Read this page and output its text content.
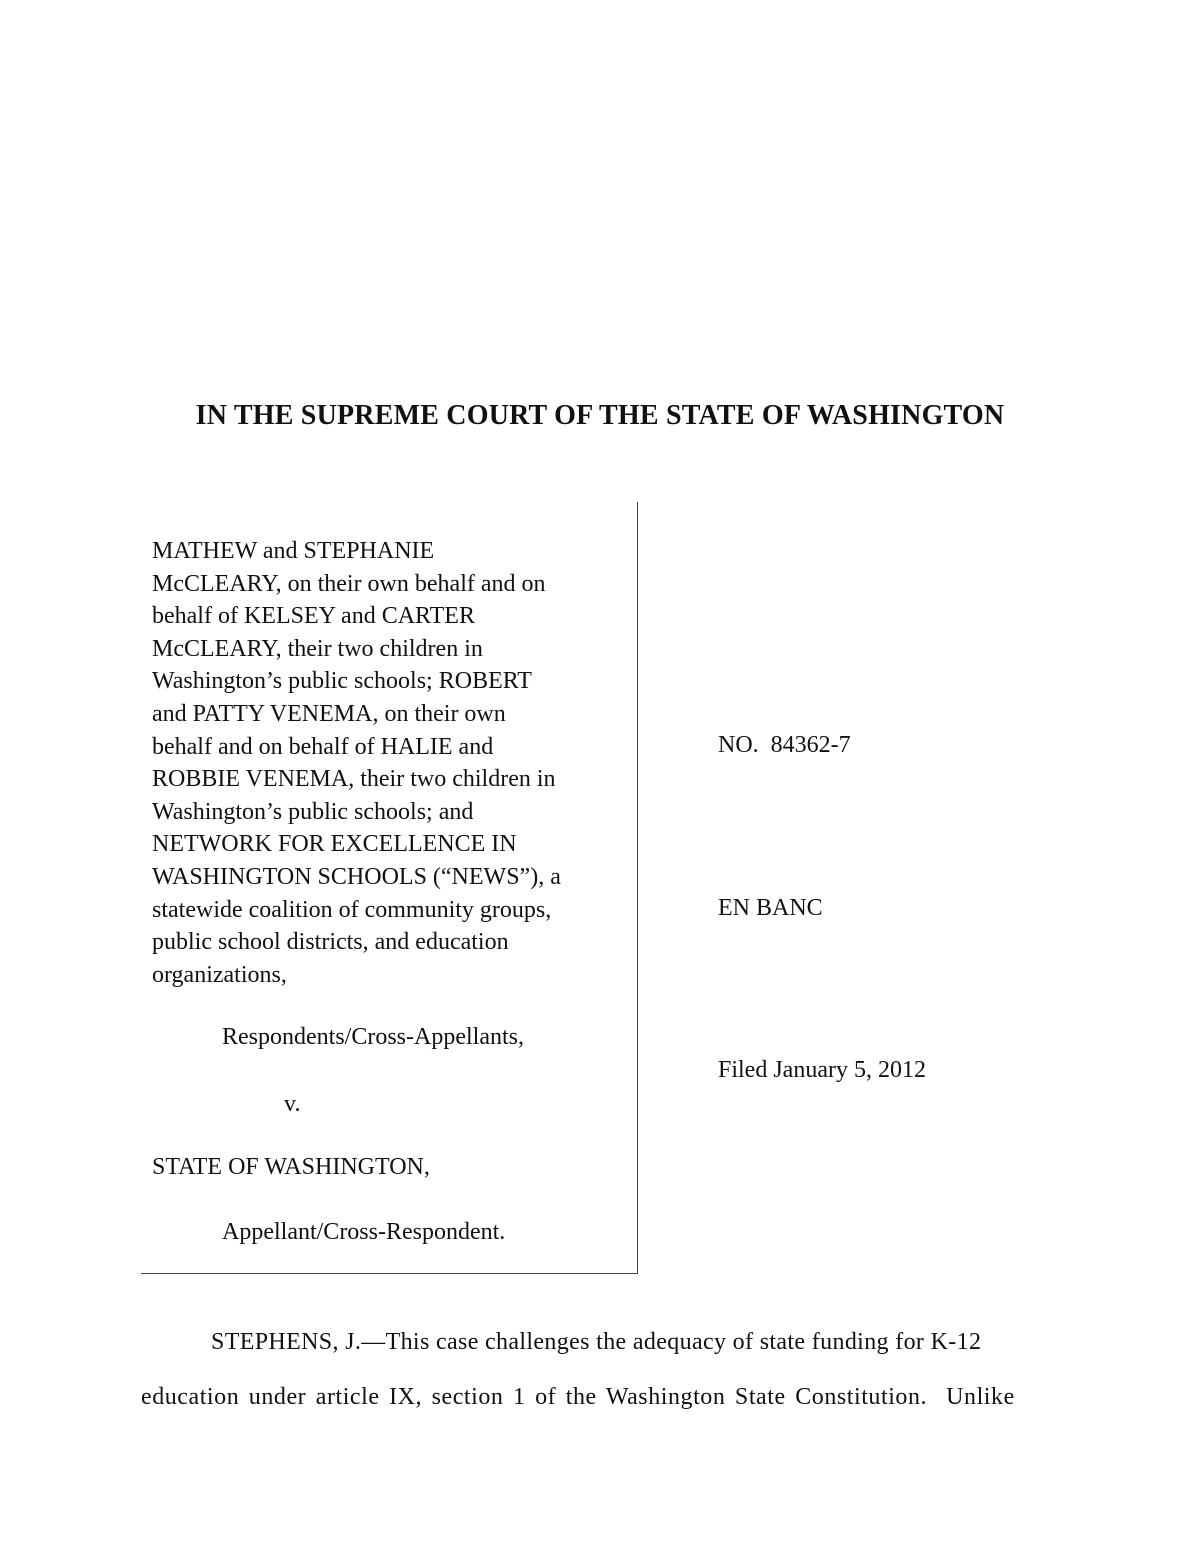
IN THE SUPREME COURT OF THE STATE OF WASHINGTON
MATHEW and STEPHANIE
McCLEARY, on their own behalf and on
behalf of KELSEY and CARTER
McCLEARY, their two children in
Washington’s public schools; ROBERT
and PATTY VENEMA, on their own
behalf and on behalf of HALIE and
ROBBIE VENEMA, their two children in
Washington’s public schools; and
NETWORK FOR EXCELLENCE IN
WASHINGTON SCHOOLS (“NEWS”), a
statewide coalition of community groups,
public school districts, and education
organizations,
Respondents/Cross-Appellants,
v.
STATE OF WASHINGTON,
Appellant/Cross-Respondent.
NO.  84362-7
EN BANC
Filed January 5, 2012
STEPHENS, J.—This case challenges the adequacy of state funding for K-12
education under article IX, section 1 of the Washington State Constitution.  Unlike
